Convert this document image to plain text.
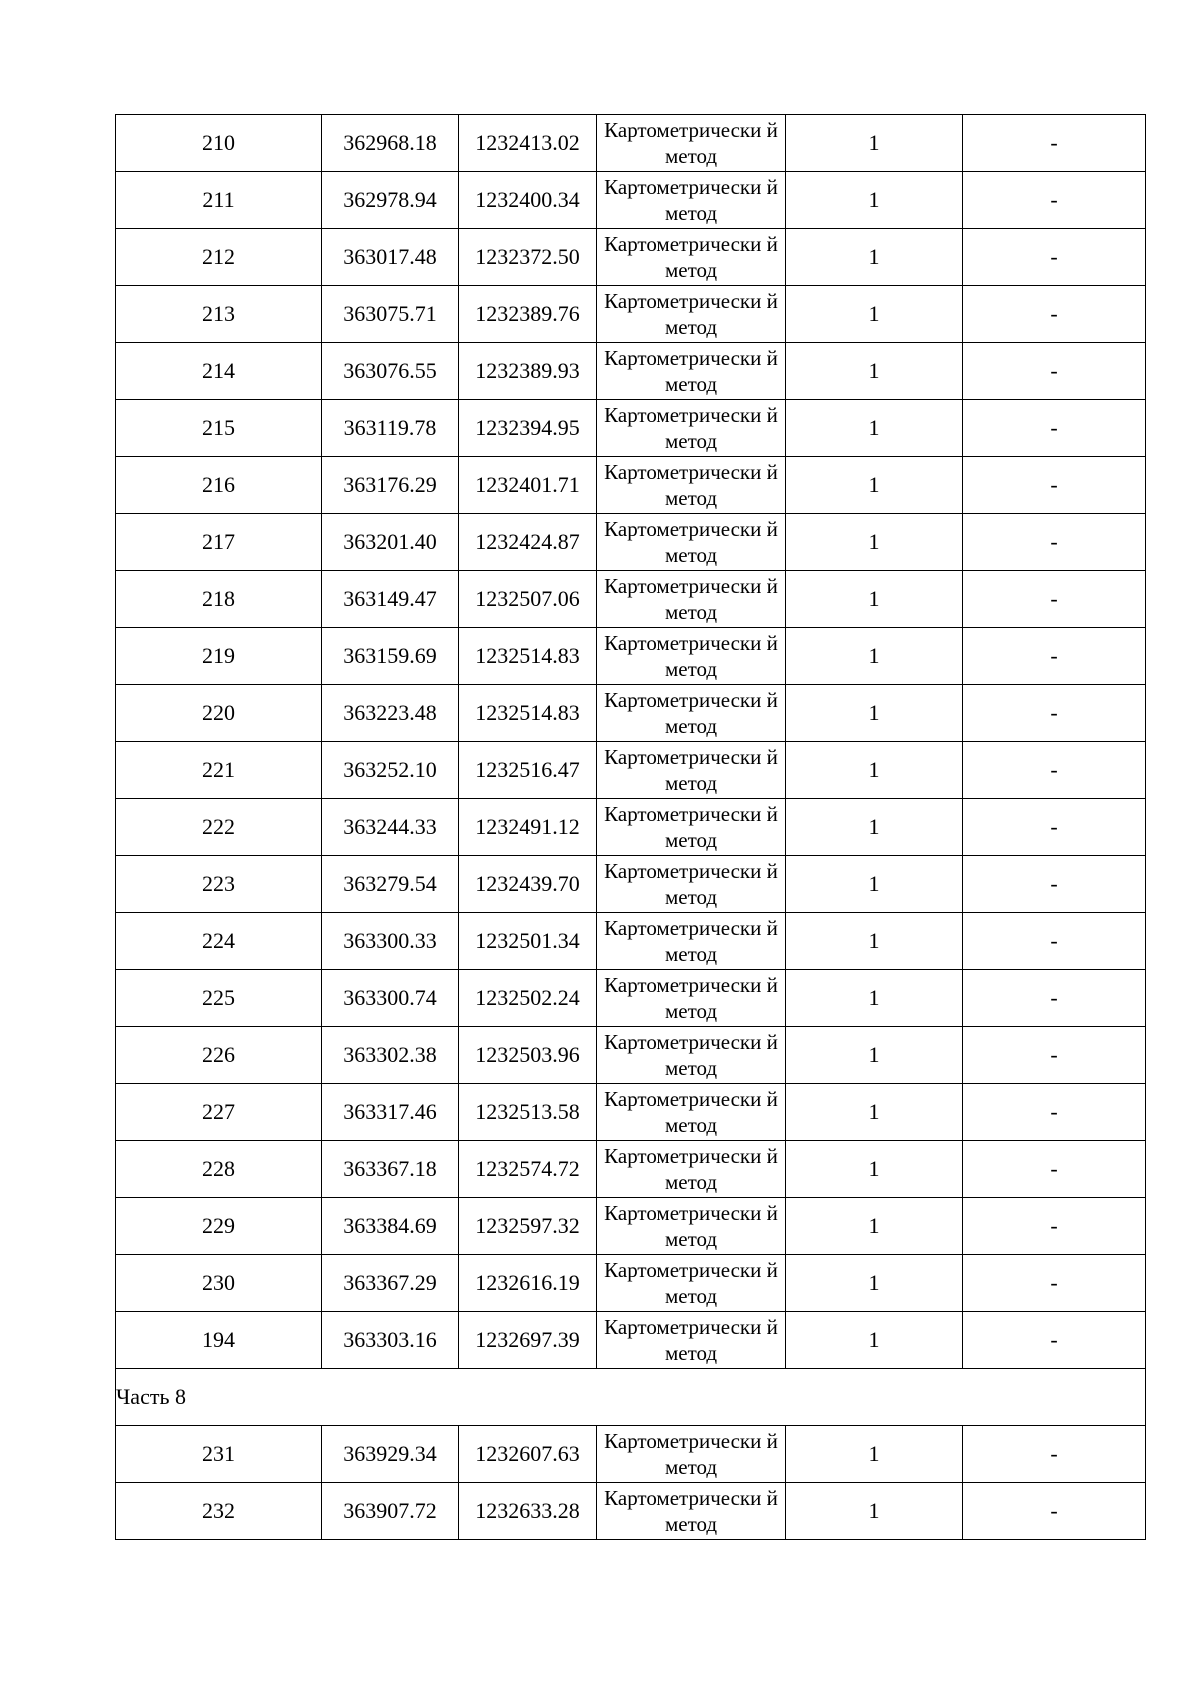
210	362968.18	1232413.02	Картометрически й метод	1	-
211	362978.94	1232400.34	Картометрически й метод	1	-
212	363017.48	1232372.50	Картометрически й метод	1	-
213	363075.71	1232389.76	Картометрически й метод	1	-
214	363076.55	1232389.93	Картометрически й метод	1	-
215	363119.78	1232394.95	Картометрически й метод	1	-
216	363176.29	1232401.71	Картометрически й метод	1	-
217	363201.40	1232424.87	Картометрически й метод	1	-
218	363149.47	1232507.06	Картометрически й метод	1	-
219	363159.69	1232514.83	Картометрически й метод	1	-
220	363223.48	1232514.83	Картометрически й метод	1	-
221	363252.10	1232516.47	Картометрически й метод	1	-
222	363244.33	1232491.12	Картометрически й метод	1	-
223	363279.54	1232439.70	Картометрически й метод	1	-
224	363300.33	1232501.34	Картометрически й метод	1	-
225	363300.74	1232502.24	Картометрически й метод	1	-
226	363302.38	1232503.96	Картометрически й метод	1	-
227	363317.46	1232513.58	Картометрически й метод	1	-
228	363367.18	1232574.72	Картометрически й метод	1	-
229	363384.69	1232597.32	Картометрически й метод	1	-
230	363367.29	1232616.19	Картометрически й метод	1	-
194	363303.16	1232697.39	Картометрически й метод	1	-
Часть 8					
231	363929.34	1232607.63	Картометрически й метод	1	-
232	363907.72	1232633.28	Картометрически й метод	1	-
